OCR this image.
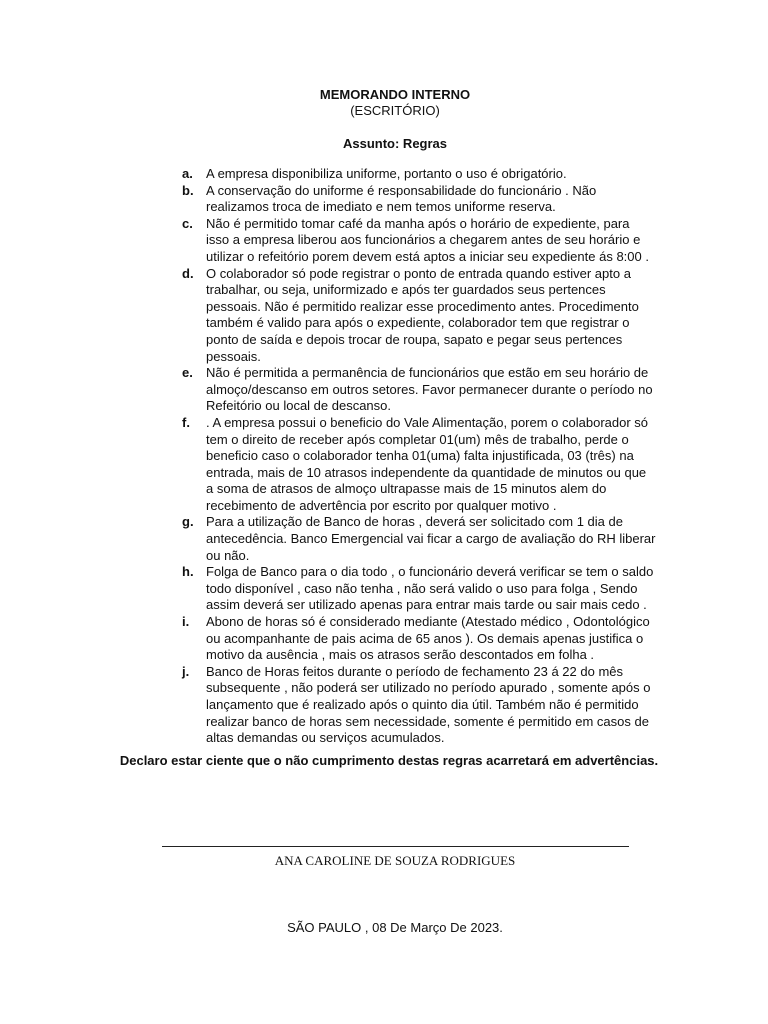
MEMORANDO INTERNO
(ESCRITÓRIO)
Assunto: Regras
a.	A empresa disponibiliza uniforme, portanto o uso é obrigatório.
b. A conservação do uniforme é responsabilidade do funcionário . Não realizamos troca de imediato e nem temos uniforme reserva.
c.	Não é permitido tomar café da manha após o horário de expediente, para isso a empresa liberou aos funcionários a chegarem antes de seu horário e utilizar o refeitório porem devem está aptos a iniciar seu expediente ás 8:00 .
d. O colaborador só pode registrar o ponto de entrada quando estiver apto a trabalhar, ou seja, uniformizado e após ter guardados seus pertences pessoais. Não é permitido realizar esse procedimento antes. Procedimento também é valido para após o expediente, colaborador tem que registrar o ponto de saída e depois trocar de roupa, sapato e pegar seus pertences pessoais.
e.	Não é permitida a permanência de funcionários que estão em seu horário de almoço/descanso em outros setores. Favor permanecer durante o período no Refeitório ou local de descanso.
f.	. A empresa possui o beneficio do Vale Alimentação, porem o colaborador só tem o direito de receber após completar 01(um) mês de trabalho, perde o beneficio caso o colaborador tenha 01(uma) falta injustificada, 03 (três) na entrada, mais de 10 atrasos independente da quantidade de minutos ou que a soma de atrasos de almoço ultrapasse mais de 15 minutos alem do recebimento de advertência por escrito por qualquer motivo .
g. Para a utilização de Banco de horas , deverá ser solicitado com 1 dia de antecedência. Banco Emergencial vai ficar a cargo de avaliação do RH liberar ou não.
h. Folga de Banco para o dia todo , o funcionário deverá verificar se tem o saldo todo disponível , caso não tenha , não será valido o uso para folga , Sendo assim deverá ser utilizado apenas para entrar mais tarde ou sair mais cedo .
i.	Abono de horas só é considerado mediante (Atestado médico , Odontológico ou acompanhante de pais acima de 65 anos ). Os demais apenas justifica o motivo da ausência , mais os atrasos serão descontados em folha .
j.	Banco de Horas feitos durante o período de fechamento 23 á 22 do mês subsequente , não poderá ser utilizado no período apurado , somente após o lançamento que é realizado após o quinto dia útil. Também não é permitido realizar banco de horas sem necessidade, somente é permitido em casos de altas demandas ou serviços acumulados.
Declaro estar ciente que o não cumprimento destas regras acarretará em advertências.
ANA CAROLINE DE SOUZA RODRIGUES
SÃO PAULO , 08 De Março De 2023.
